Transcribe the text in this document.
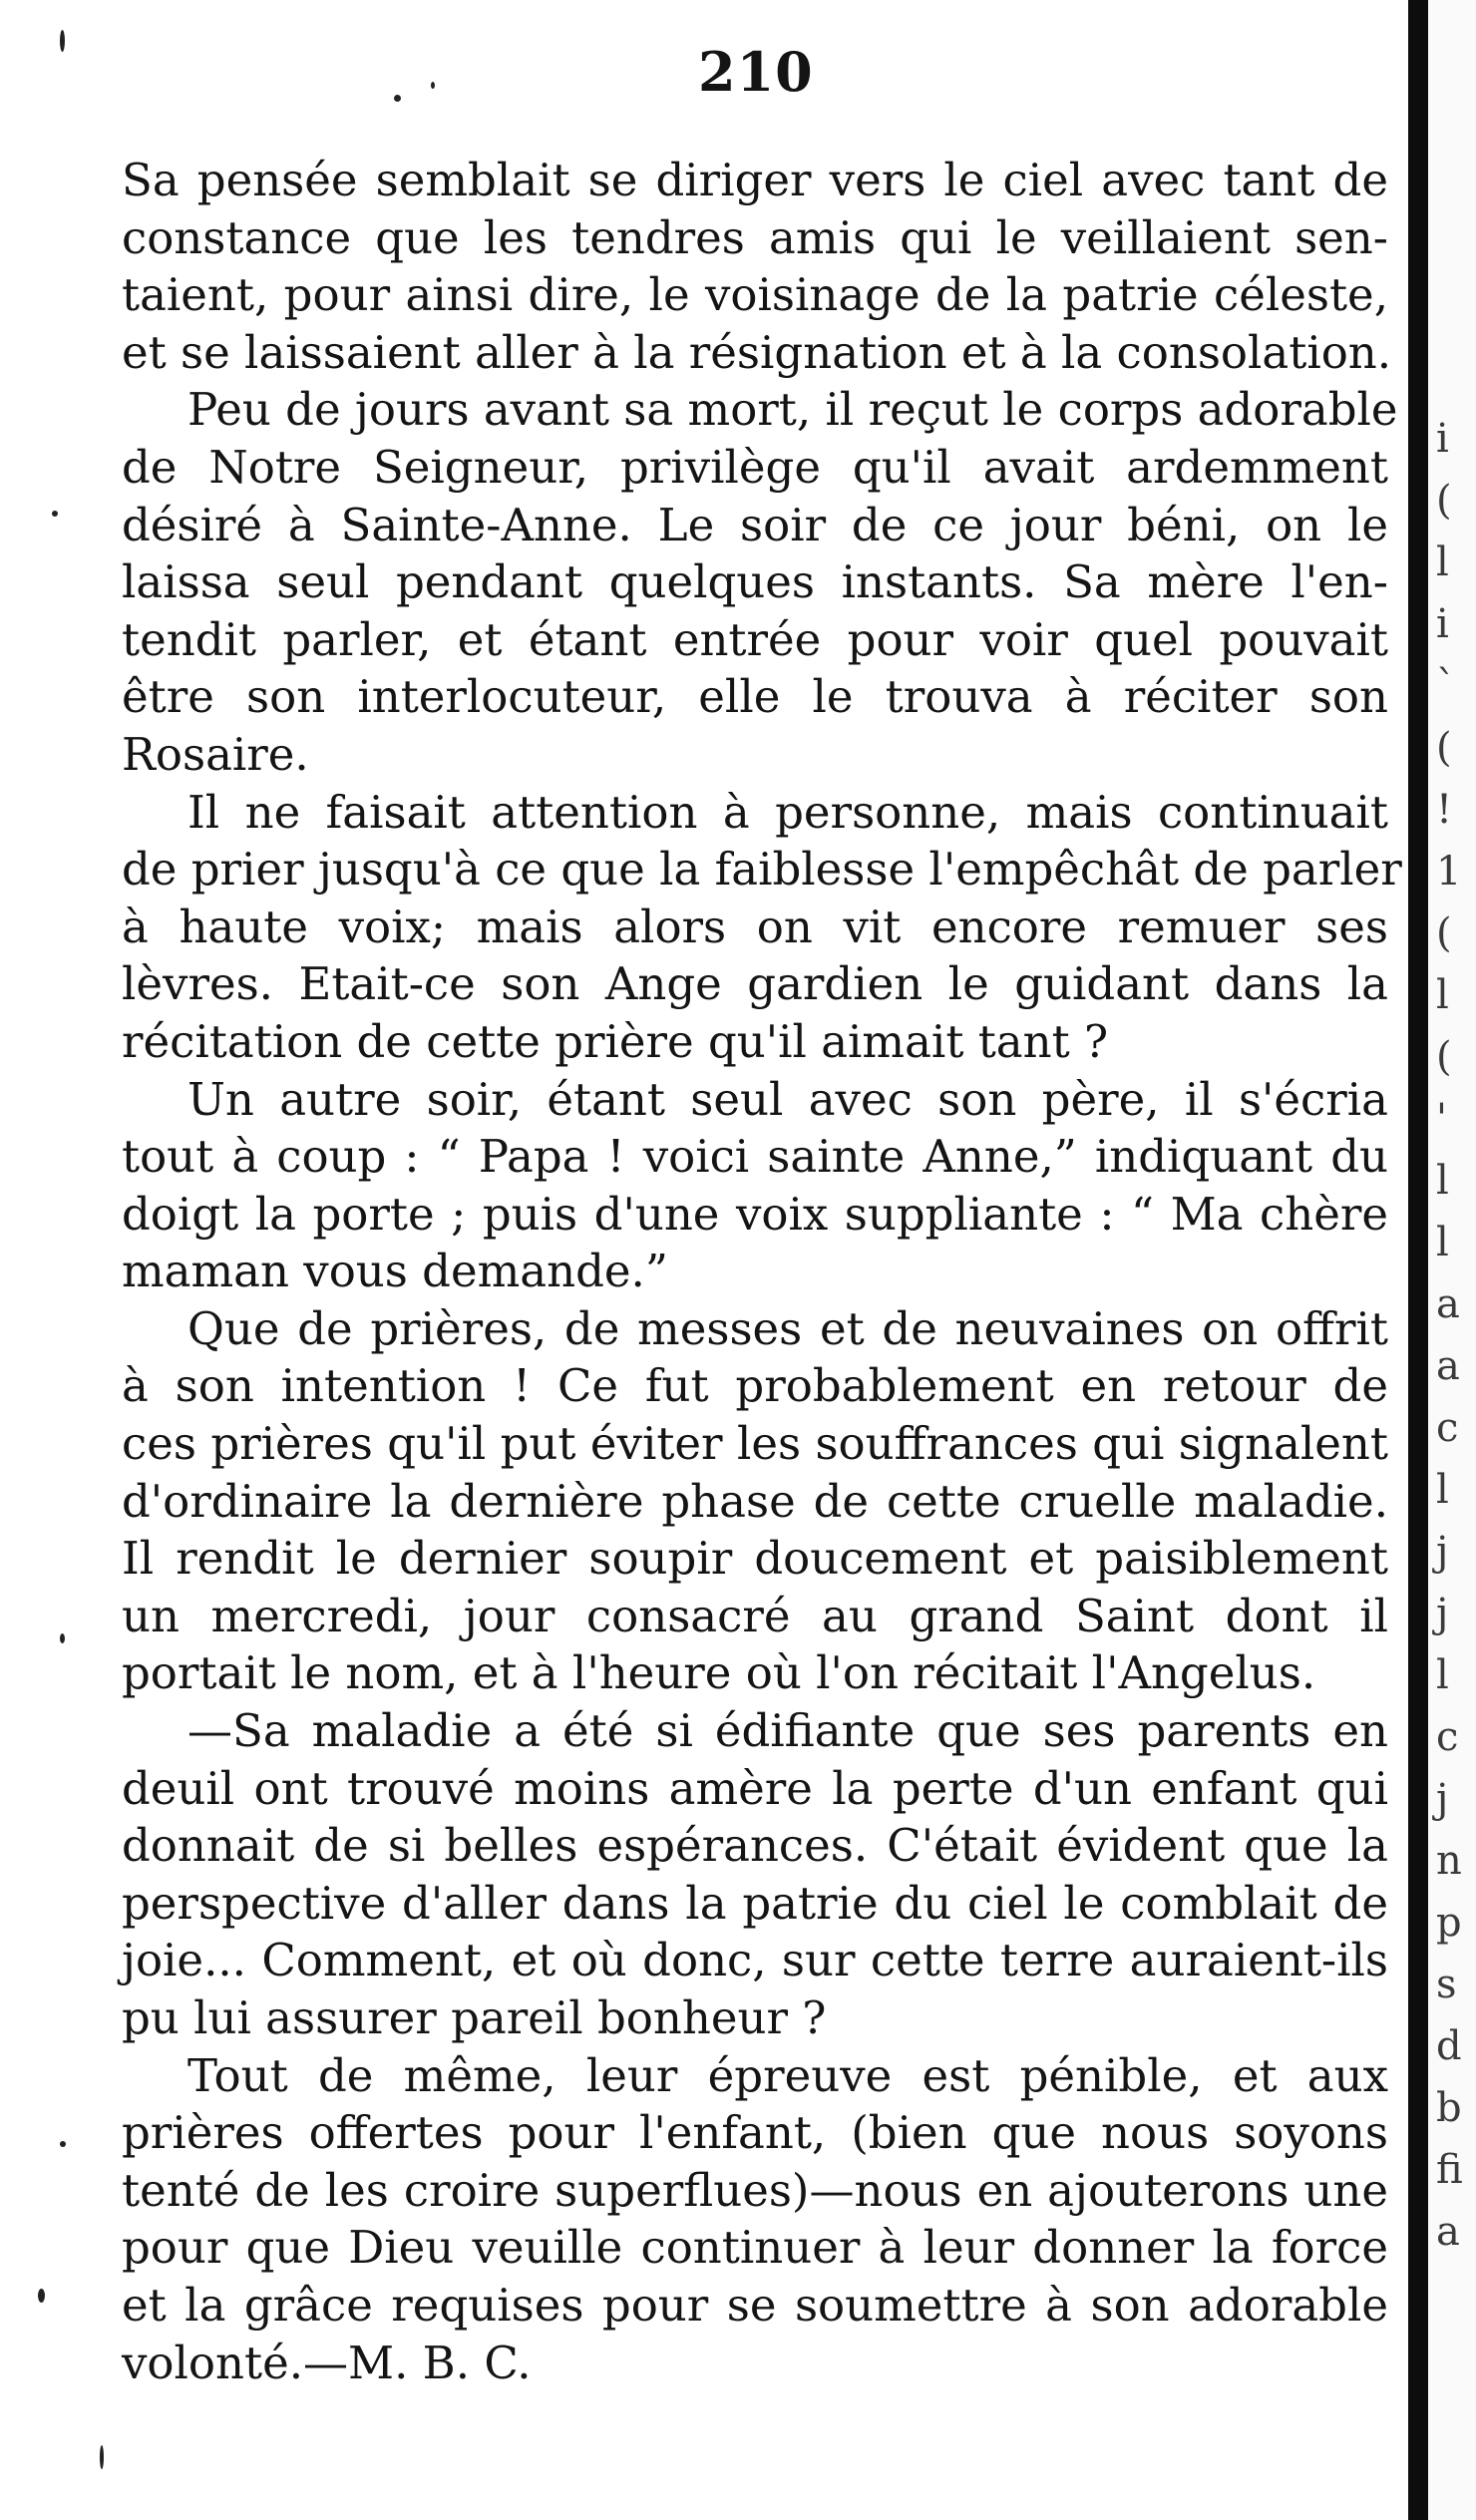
210
Sa pensée semblait se diriger vers le ciel avec tant de
constance que les tendres amis qui le veillaient sen-
taient, pour ainsi dire, le voisinage de la patrie céleste,
et se laissaient aller à la résignation et à la consolation.
Peu de jours avant sa mort, il reçut le corps adorable
de Notre Seigneur, privilège qu'il avait ardemment
désiré à Sainte-Anne. Le soir de ce jour béni, on le
laissa seul pendant quelques instants. Sa mère l'en-
tendit parler, et étant entrée pour voir quel pouvait
être son interlocuteur, elle le trouva à réciter son
Rosaire.
Il ne faisait attention à personne, mais continuait
de prier jusqu'à ce que la faiblesse l'empêchât de parler
à haute voix; mais alors on vit encore remuer ses
lèvres. Etait-ce son Ange gardien le guidant dans la
récitation de cette prière qu'il aimait tant ?
Un autre soir, étant seul avec son père, il s'écria
tout à coup : “ Papa ! voici sainte Anne,” indiquant du
doigt la porte ; puis d'une voix suppliante : “ Ma chère
maman vous demande.”
Que de prières, de messes et de neuvaines on offrit
à son intention ! Ce fut probablement en retour de
ces prières qu'il put éviter les souffrances qui signalent
d'ordinaire la dernière phase de cette cruelle maladie.
Il rendit le dernier soupir doucement et paisiblement
un mercredi, jour consacré au grand Saint dont il
portait le nom, et à l'heure où l'on récitait l'Angelus.
—Sa maladie a été si édifiante que ses parents en
deuil ont trouvé moins amère la perte d'un enfant qui
donnait de si belles espérances. C'était évident que la
perspective d'aller dans la patrie du ciel le comblait de
joie... Comment, et où donc, sur cette terre auraient-ils
pu lui assurer pareil bonheur ?
Tout de même, leur épreuve est pénible, et aux
prières offertes pour l'enfant, (bien que nous soyons
tenté de les croire superflues)—nous en ajouterons une
pour que Dieu veuille continuer à leur donner la force
et la grâce requises pour se soumettre à son adorable
volonté.—M. B. C.
i
(
l
i
`
(
!
1
(
l
(
'
l
l
a
a
c
l
j
j
l
c
j
n
p
s
d
b
fi
a
